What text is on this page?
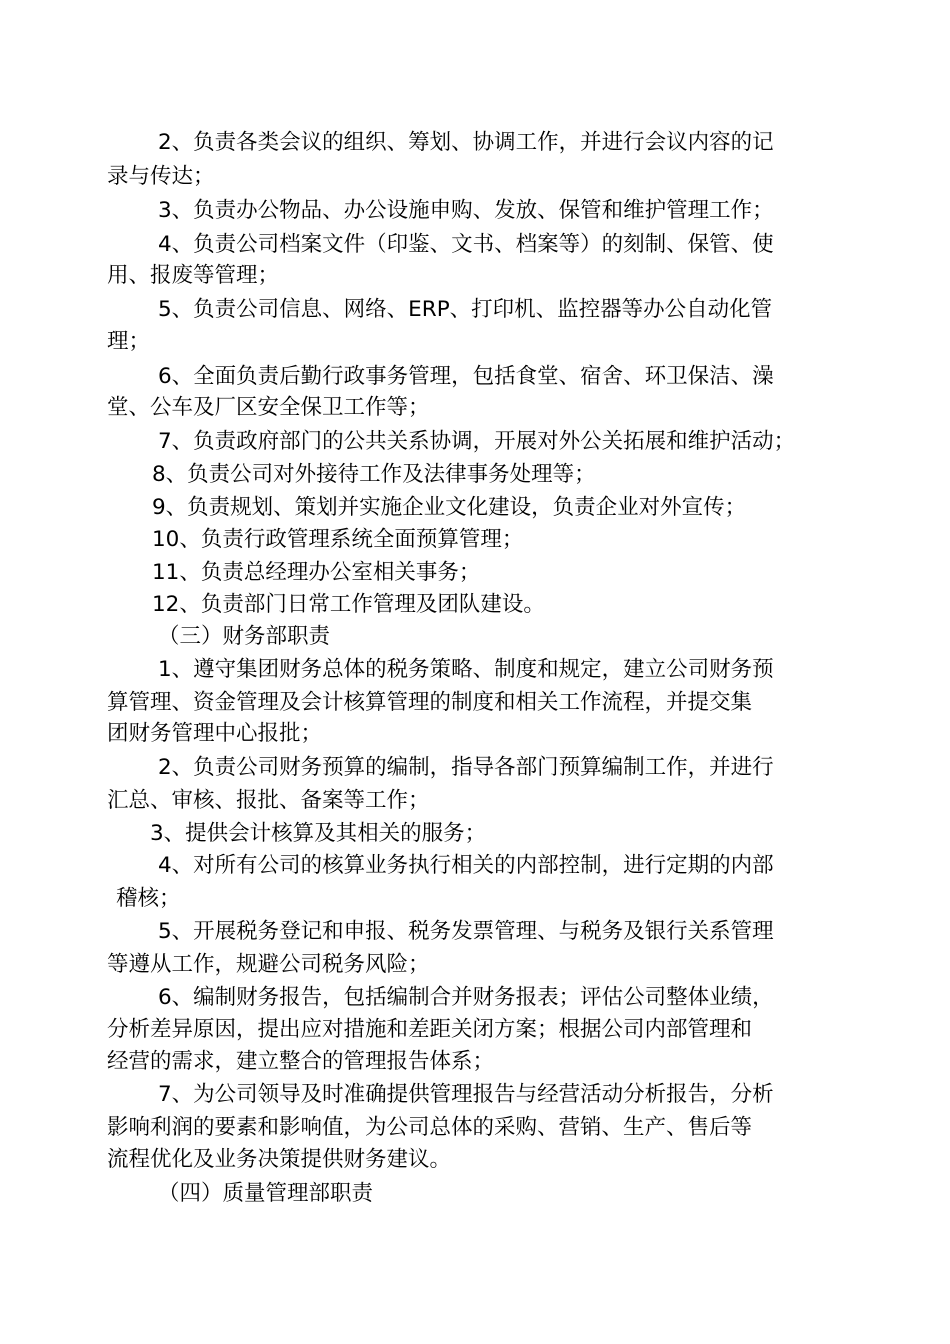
2、负责各类会议的组织、筹划、协调工作，并进行会议内容的记
录与传达；
3、负责办公物品、办公设施申购、发放、保管和维护管理工作；
4、负责公司档案文件（印鉴、文书、档案等）的刻制、保管、使
用、报废等管理；
5、负责公司信息、网络、ERP、打印机、监控器等办公自动化管
理；
6、全面负责后勤行政事务管理，包括食堂、宿舍、环卫保洁、澡
堂、公车及厂区安全保卫工作等；
7、负责政府部门的公共关系协调，开展对外公关拓展和维护活动；
8、负责公司对外接待工作及法律事务处理等；
9、负责规划、策划并实施企业文化建设，负责企业对外宣传；
10、负责行政管理系统全面预算管理；
11、负责总经理办公室相关事务；
12、负责部门日常工作管理及团队建设。
（三）财务部职责
1、遵守集团财务总体的税务策略、制度和规定，建立公司财务预
算管理、资金管理及会计核算管理的制度和相关工作流程，并提交集
团财务管理中心报批；
2、负责公司财务预算的编制，指导各部门预算编制工作，并进行
汇总、审核、报批、备案等工作；
3、提供会计核算及其相关的服务；
4、对所有公司的核算业务执行相关的内部控制，进行定期的内部
稽核；
5、开展税务登记和申报、税务发票管理、与税务及银行关系管理
等遵从工作，规避公司税务风险；
6、编制财务报告，包括编制合并财务报表；评估公司整体业绩，
分析差异原因，提出应对措施和差距关闭方案；根据公司内部管理和
经营的需求，建立整合的管理报告体系；
7、为公司领导及时准确提供管理报告与经营活动分析报告，分析
影响利润的要素和影响值，为公司总体的采购、营销、生产、售后等
流程优化及业务决策提供财务建议。
（四）质量管理部职责
